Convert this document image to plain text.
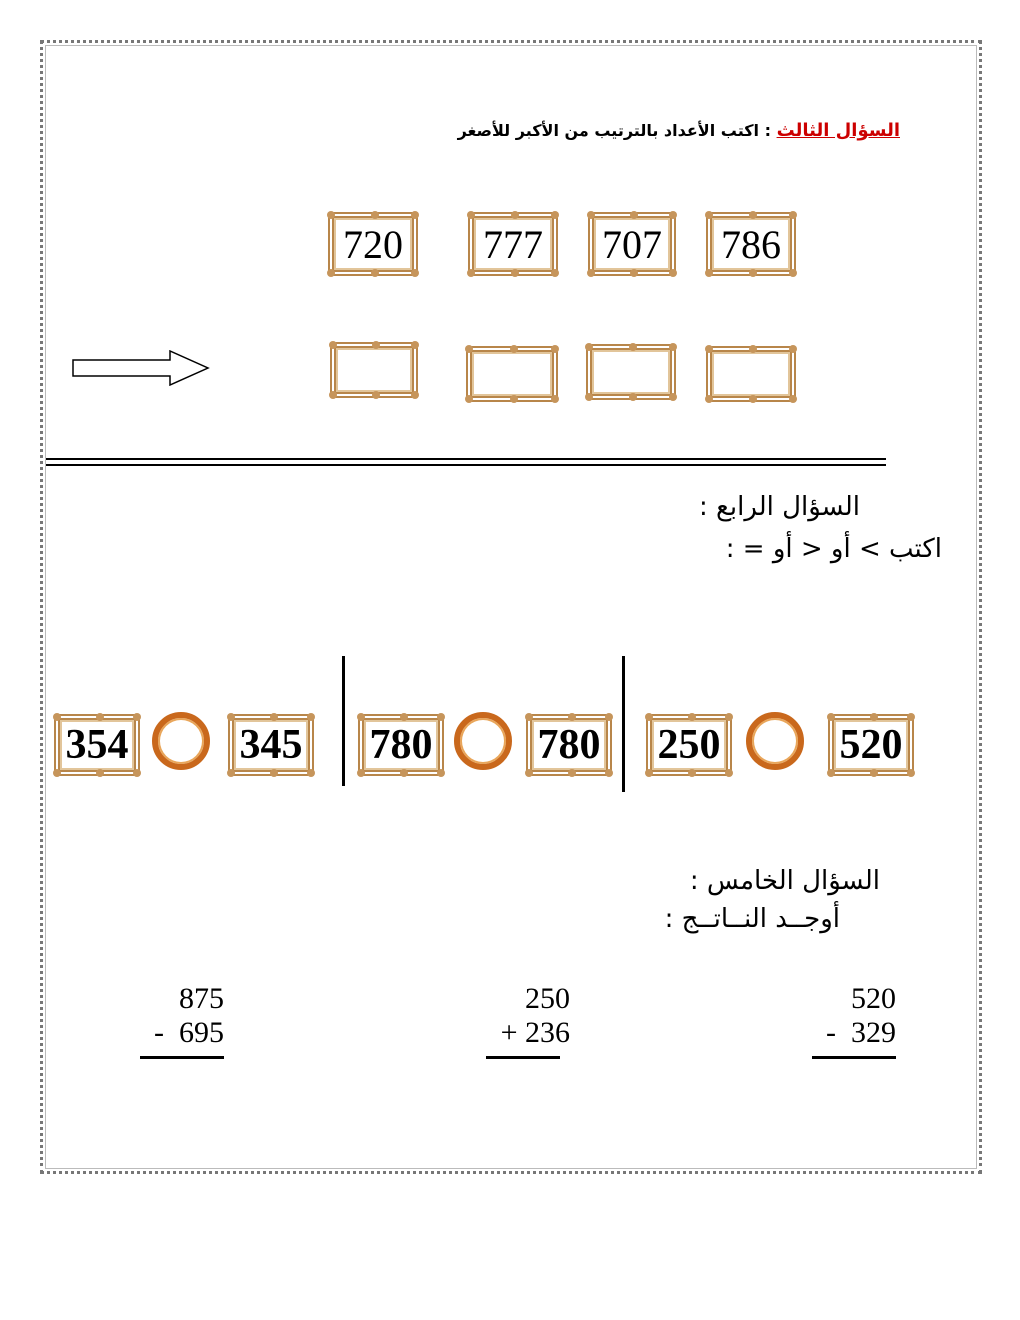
السؤال الثالث : اكتب الأعداد بالترتيب من الأكبر للأصغر
720 777 707 786
السؤال الرابع :
اكتب > أو < أو = :
354	345 780	780 250	520
السؤال الخامس :
أوجــد النــاتــج :
875
-  695
250
+ 236
520
-  329
